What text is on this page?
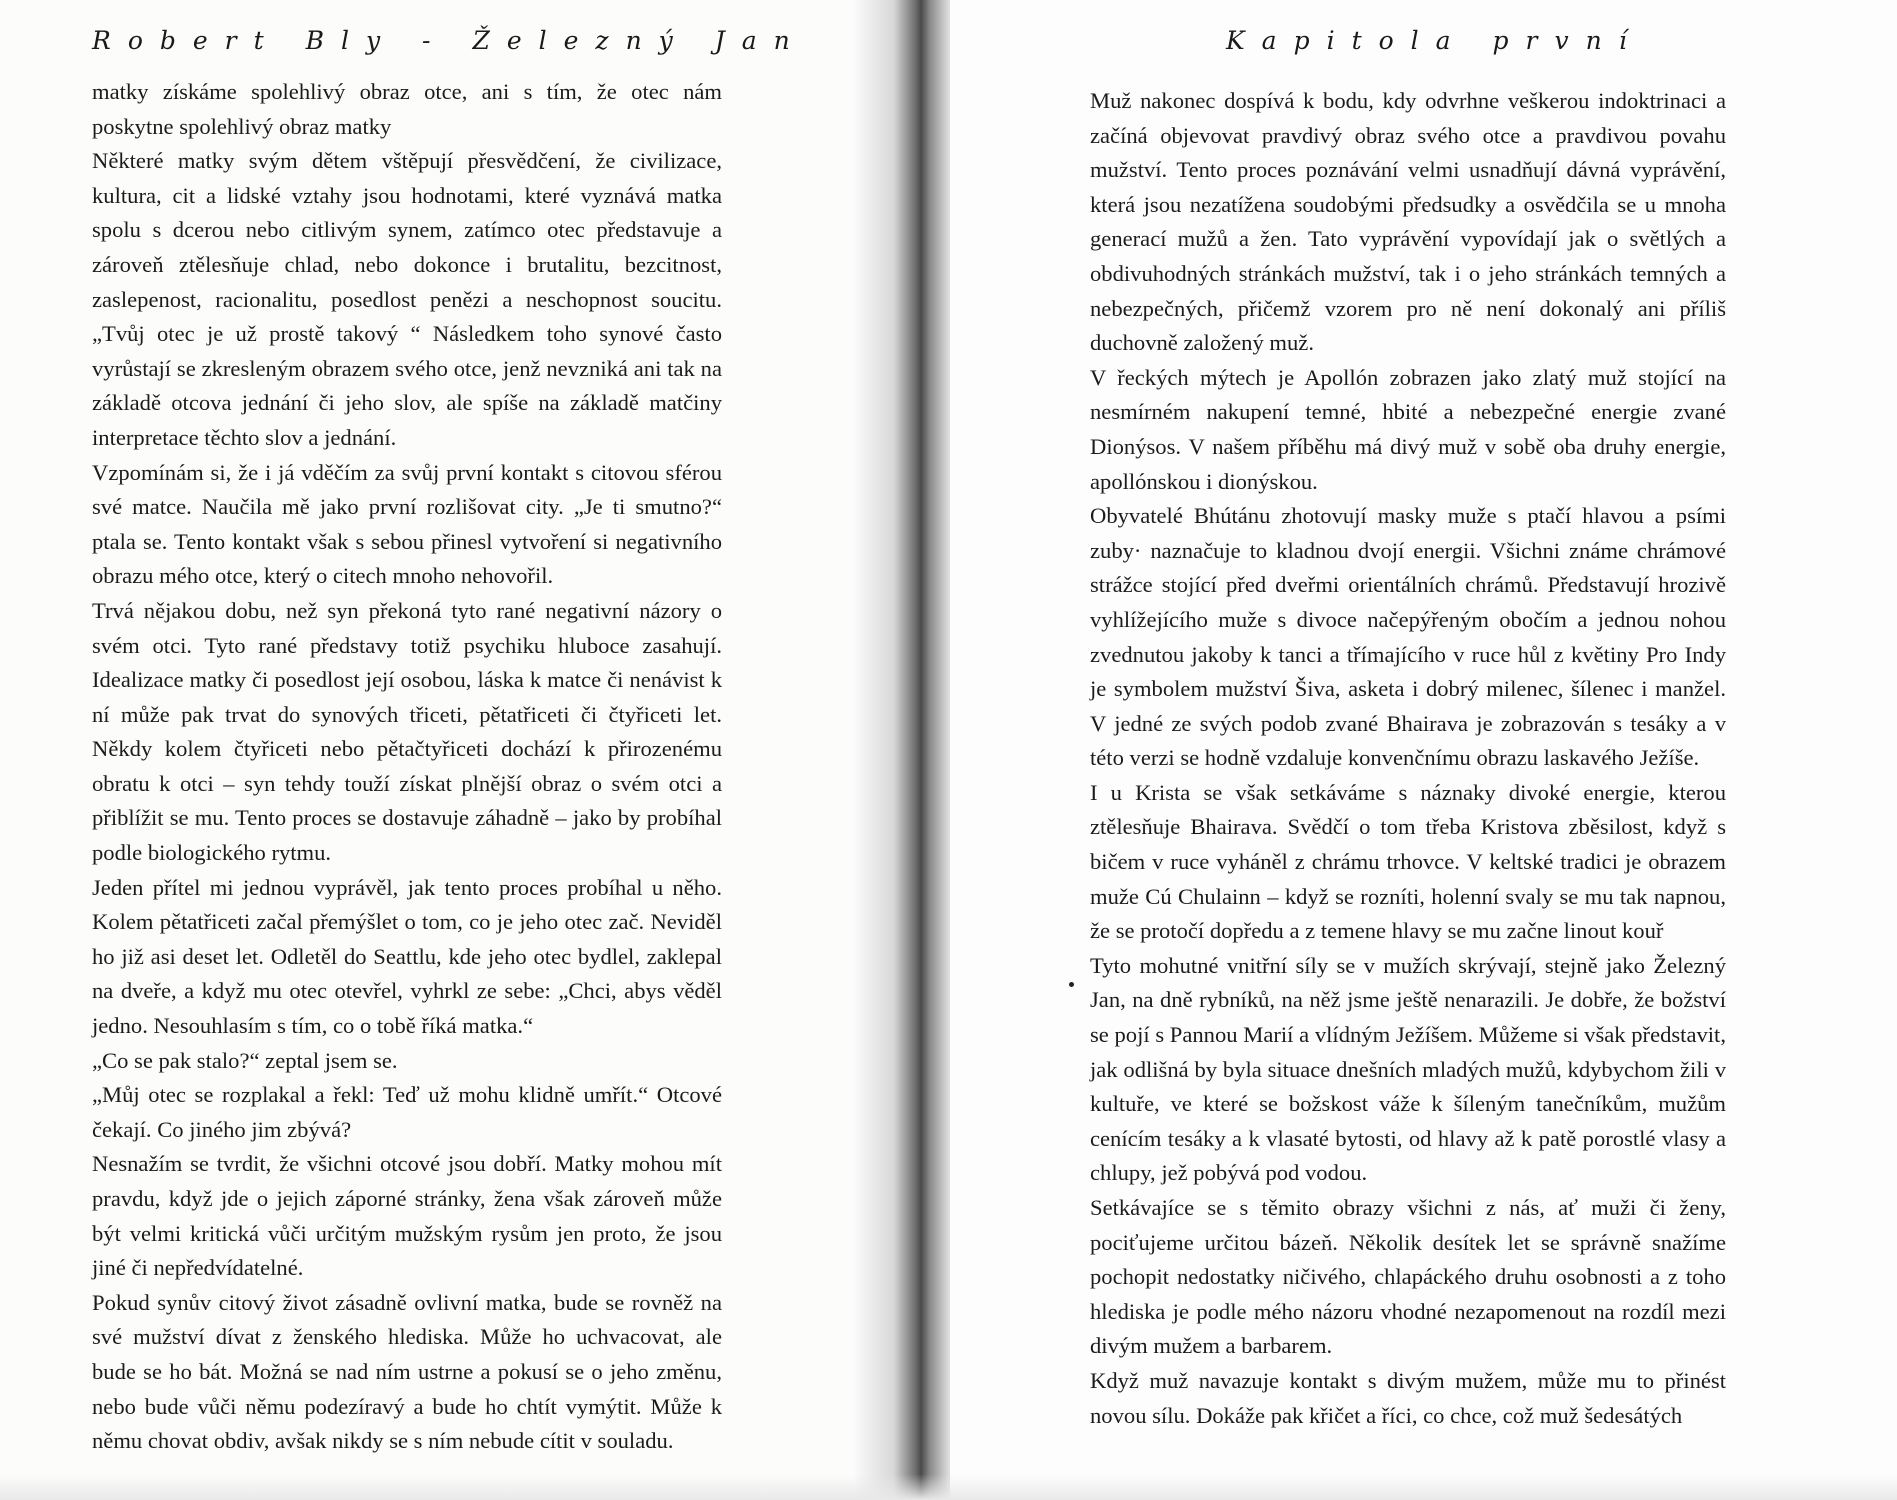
Robert Bly - Železný Jan

matky získáme spolehlivý obraz otce, ani s tím, že otec nám poskytne spolehlivý obraz matky

Některé matky svým dětem vštěpují přesvědčení, že civilizace, kultura, cit a lidské vztahy jsou hodnotami, které vyznává matka spolu s dcerou nebo citlivým synem, zatímco otec představuje a zároveň ztělesňuje chlad, nebo dokonce i brutalitu, bezcitnost, zaslepenost, racionalitu, posedlost penězi a neschopnost soucitu. „Tvůj otec je už prostě takový “ Následkem toho synové často vyrůstají se zkresleným obrazem svého otce, jenž nevzniká ani tak na základě otcova jednání či jeho slov, ale spíše na základě matčiny interpretace těchto slov a jednání.

Vzpomínám si, že i já vděčím za svůj první kontakt s citovou sférou své matce. Naučila mě jako první rozlišovat city. „Je ti smutno?“ ptala se. Tento kontakt však s sebou přinesl vytvoření si negativního obrazu mého otce, který o citech mnoho nehovořil.

Trvá nějakou dobu, než syn překoná tyto rané negativní názory o svém otci. Tyto rané představy totiž psychiku hluboce zasahují. Idealizace matky či posedlost její osobou, láska k matce či nenávist k ní může pak trvat do synových třiceti, pětatřiceti či čtyřiceti let. Někdy kolem čtyřiceti nebo pětačtyřiceti dochází k přirozenému obratu k otci – syn tehdy touží získat plnější obraz o svém otci a přiblížit se mu. Tento proces se dostavuje záhadně – jako by probíhal podle biologického rytmu.

Jeden přítel mi jednou vyprávěl, jak tento proces probíhal u něho. Kolem pětatřiceti začal přemýšlet o tom, co je jeho otec zač. Neviděl ho již asi deset let. Odletěl do Seattlu, kde jeho otec bydlel, zaklepal na dveře, a když mu otec otevřel, vyhrkl ze sebe: „Chci, abys věděl jedno. Nesouhlasím s tím, co o tobě říká matka.“

„Co se pak stalo?“ zeptal jsem se.

„Můj otec se rozplakal a řekl: Teď už mohu klidně umřít.“ Otcové čekají. Co jiného jim zbývá?

Nesnažím se tvrdit, že všichni otcové jsou dobří. Matky mohou mít pravdu, když jde o jejich záporné stránky, žena však zároveň může být velmi kritická vůči určitým mužským rysům jen proto, že jsou jiné či nepředvídatelné.

Pokud synův citový život zásadně ovlivní matka, bude se rovněž na své mužství dívat z ženského hlediska. Může ho uchvacovat, ale bude se ho bát. Možná se nad ním ustrne a pokusí se o jeho změnu, nebo bude vůči němu podezíravý a bude ho chtít vymýtit. Může k němu chovat obdiv, avšak nikdy se s ním nebude cítit v souladu.

Kapitola první

Muž nakonec dospívá k bodu, kdy odvrhne veškerou indoktrinaci a začíná objevovat pravdivý obraz svého otce a pravdivou povahu mužství. Tento proces poznávání velmi usnadňují dávná vyprávění, která jsou nezatížena soudobými předsudky a osvědčila se u mnoha generací mužů a žen. Tato vyprávění vypovídají jak o světlých a obdivuhodných stránkách mužství, tak i o jeho stránkách temných a nebezpečných, přičemž vzorem pro ně není dokonalý ani příliš duchovně založený muž.

V řeckých mýtech je Apollón zobrazen jako zlatý muž stojící na nesmírném nakupení temné, hbité a nebezpečné energie zvané Dionýsos. V našem příběhu má divý muž v sobě oba druhy energie, apollónskou i dionýskou.

Obyvatelé Bhútánu zhotovují masky muže s ptačí hlavou a psími zuby· naznačuje to kladnou dvojí energii. Všichni známe chrámové strážce stojící před dveřmi orientálních chrámů. Představují hrozivě vyhlížejícího muže s divoce načepýřeným obočím a jednou nohou zvednutou jakoby k tanci a třímajícího v ruce hůl z květiny Pro Indy je symbolem mužství Šiva, asketa i dobrý milenec, šílenec i manžel. V jedné ze svých podob zvané Bhairava je zobrazován s tesáky a v této verzi se hodně vzdaluje konvenčnímu obrazu laskavého Ježíše.

I u Krista se však setkáváme s náznaky divoké energie, kterou ztělesňuje Bhairava. Svědčí o tom třeba Kristova zběsilost, když s bičem v ruce vyháněl z chrámu trhovce. V keltské tradici je obrazem muže Cú Chulainn – když se rozníti, holenní svaly se mu tak napnou, že se protočí dopředu a z temene hlavy se mu začne linout kouř

Tyto mohutné vnitřní síly se v mužích skrývají, stejně jako Železný Jan, na dně rybníků, na něž jsme ještě nenarazili. Je dobře, že božství se pojí s Pannou Marií a vlídným Ježíšem. Můžeme si však představit, jak odlišná by byla situace dnešních mladých mužů, kdybychom žili v kultuře, ve které se božskost váže k šíleným tanečníkům, mužům cenícím tesáky a k vlasaté bytosti, od hlavy až k patě porostlé vlasy a chlupy, jež pobývá pod vodou.

Setkávajíce se s těmito obrazy všichni z nás, ať muži či ženy, pociťujeme určitou bázeň. Několik desítek let se správně snažíme pochopit nedostatky ničivého, chlapáckého druhu osobnosti a z toho hlediska je podle mého názoru vhodné nezapomenout na rozdíl mezi divým mužem a barbarem.

Když muž navazuje kontakt s divým mužem, může mu to přinést novou sílu. Dokáže pak křičet a říci, co chce, což muž šedesátých
